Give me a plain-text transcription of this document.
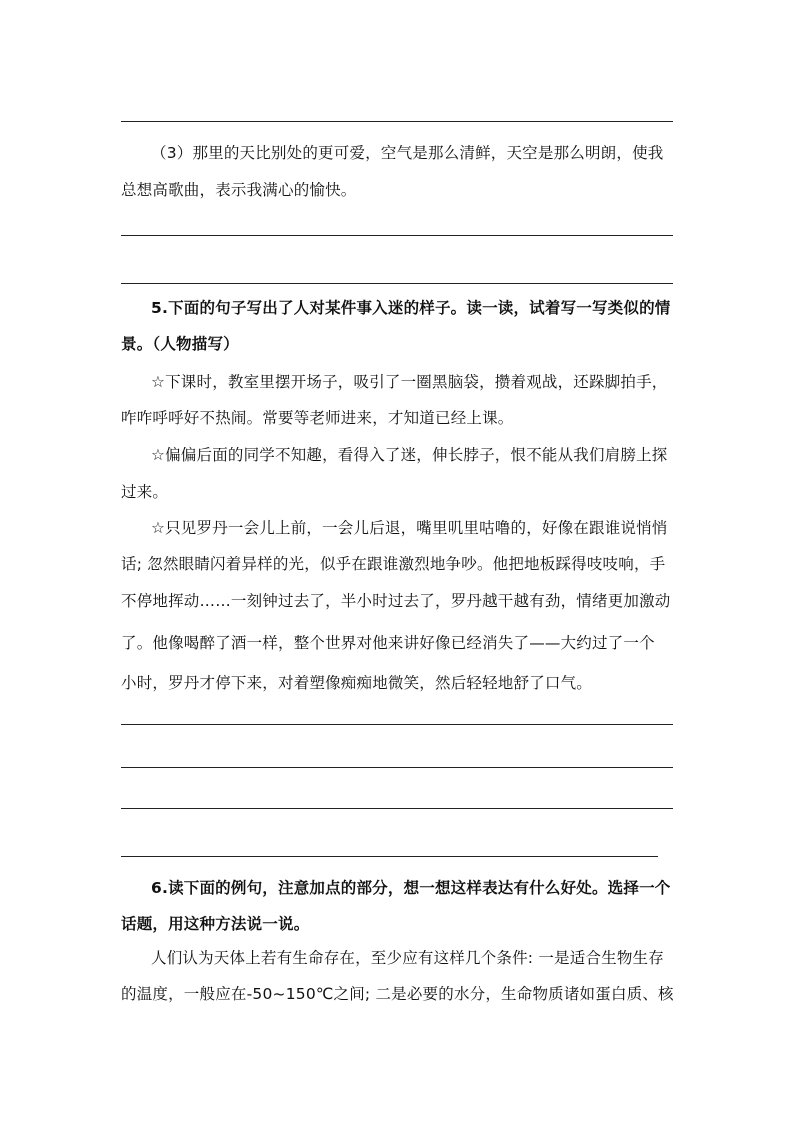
（3）那里的天比别处的更可爱，空气是那么清鲜，天空是那么明朗，使我
总想高歌曲，表示我满心的愉快。
5.下面的句子写出了人对某件事入迷的样子。读一读，试着写一写类似的情
景。（人物描写）
☆下课时，教室里摆开场子，吸引了一圈黑脑袋，攒着观战，还跺脚拍手，
咋咋呼呼好不热闹。常要等老师进来，才知道已经上课。
☆偏偏后面的同学不知趣，看得入了迷，伸长脖子，恨不能从我们肩膀上探
过来。
☆只见罗丹一会儿上前，一会儿后退，嘴里叽里咕噜的，好像在跟谁说悄悄
话; 忽然眼睛闪着异样的光，似乎在跟谁激烈地争吵。他把地板踩得吱吱响，手
不停地挥动……一刻钟过去了，半小时过去了，罗丹越干越有劲，情绪更加激动
了。他像喝醉了酒一样，整个世界对他来讲好像已经消失了——大约过了一个
小时，罗丹才停下来，对着塑像痴痴地微笑，然后轻轻地舒了口气。
6.读下面的例句，注意加点的部分，想一想这样表达有什么好处。选择一个
话题，用这种方法说一说。
人们认为天体上若有生命存在，至少应有这样几个条件: 一是适合生物生存
的温度，一般应在-50~150℃之间; 二是必要的水分，生命物质诸如蛋白质、核
